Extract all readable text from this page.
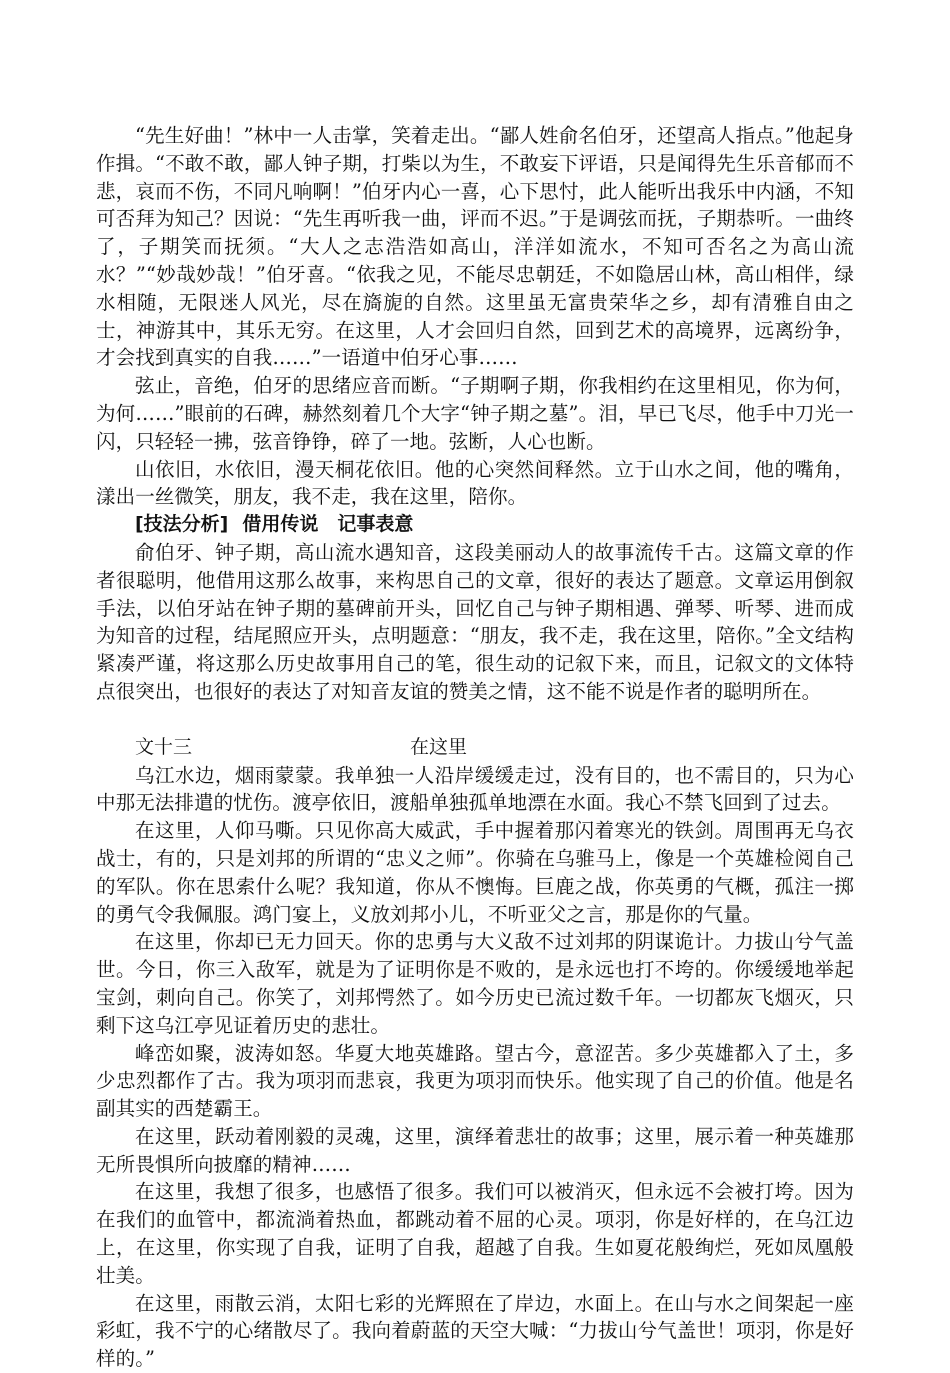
“先生好曲！”林中一人击掌，笑着走出。“鄙人姓俞名伯牙，还望高人指点。”他起身作揖。“不敢不敢，鄙人钟子期，打柴以为生，不敢妄下评语，只是闻得先生乐音郁而不悲，哀而不伤，不同凡响啊！”伯牙内心一喜，心下思忖，此人能听出我乐中内涵，不知可否拜为知己？因说：“先生再听我一曲，评而不迟。”于是调弦而抚，子期恭听。一曲终了，子期笑而抚须。“大人之志浩浩如高山，洋洋如流水，不知可否名之为高山流水？”“妙哉妙哉！”伯牙喜。“依我之见，不能尽忠朝廷，不如隐居山林，高山相伴，绿水相随，无限迷人风光，尽在旖旎的自然。这里虽无富贵荣华之乡，却有清雅自由之士，神游其中，其乐无穷。在这里，人才会回归自然，回到艺术的高境界，远离纷争，才会找到真实的自我……”一语道中伯牙心事……

弦止，音绝，伯牙的思绪应音而断。“子期啊子期，你我相约在这里相见，你为何，为何……”眼前的石碑，赫然刻着几个大字“钟子期之墓”。泪，早已飞尽，他手中刀光一闪，只轻轻一拂，弦音铮铮，碎了一地。弦断，人心也断。

山依旧，水依旧，漫天桐花依旧。他的心突然间释然。立于山水之间，他的嘴角，漾出一丝微笑，朋友，我不走，我在这里，陪你。

[技法分析] 借用传说　记事表意

俞伯牙、钟子期，高山流水遇知音，这段美丽动人的故事流传千古。这篇文章的作者很聪明，他借用这那么故事，来构思自己的文章，很好的表达了题意。文章运用倒叙手法，以伯牙站在钟子期的墓碑前开头，回忆自己与钟子期相遇、弹琴、听琴、进而成为知音的过程，结尾照应开头，点明题意：“朋友，我不走，我在这里，陪你。”全文结构紧凑严谨，将这那么历史故事用自己的笔，很生动的记叙下来，而且，记叙文的文体特点很突出，也很好的表达了对知音友谊的赞美之情，这不能不说是作者的聪明所在。

文十三	在这里

乌江水边，烟雨蒙蒙。我单独一人沿岸缓缓走过，没有目的，也不需目的，只为心中那无法排遣的忧伤。渡亭依旧，渡船单独孤单地漂在水面。我心不禁飞回到了过去。

在这里，人仰马嘶。只见你高大威武，手中握着那闪着寒光的铁剑。周围再无乌衣战士，有的，只是刘邦的所谓的“忠义之师”。你骑在乌骓马上，像是一个英雄检阅自己的军队。你在思索什么呢？我知道，你从不懊悔。巨鹿之战，你英勇的气概，孤注一掷的勇气令我佩服。鸿门宴上，义放刘邦小儿，不听亚父之言，那是你的气量。

在这里，你却已无力回天。你的忠勇与大义敌不过刘邦的阴谋诡计。力拔山兮气盖世。今日，你三入敌军，就是为了证明你是不败的，是永远也打不垮的。你缓缓地举起宝剑，刺向自己。你笑了，刘邦愕然了。如今历史已流过数千年。一切都灰飞烟灭，只剩下这乌江亭见证着历史的悲壮。

峰峦如聚，波涛如怒。华夏大地英雄路。望古今，意涩苦。多少英雄都入了土，多少忠烈都作了古。我为项羽而悲哀，我更为项羽而快乐。他实现了自己的价值。他是名副其实的西楚霸王。

在这里，跃动着刚毅的灵魂，这里，演绎着悲壮的故事；这里，展示着一种英雄那无所畏惧所向披靡的精神……

在这里，我想了很多，也感悟了很多。我们可以被消灭，但永远不会被打垮。因为在我们的血管中，都流淌着热血，都跳动着不屈的心灵。项羽，你是好样的，在乌江边上，在这里，你实现了自我，证明了自我，超越了自我。生如夏花般绚烂，死如凤凰般壮美。

在这里，雨散云消，太阳七彩的光辉照在了岸边，水面上。在山与水之间架起一座彩虹，我不宁的心绪散尽了。我向着蔚蓝的天空大喊：“力拔山兮气盖世！项羽，你是好样的。”
